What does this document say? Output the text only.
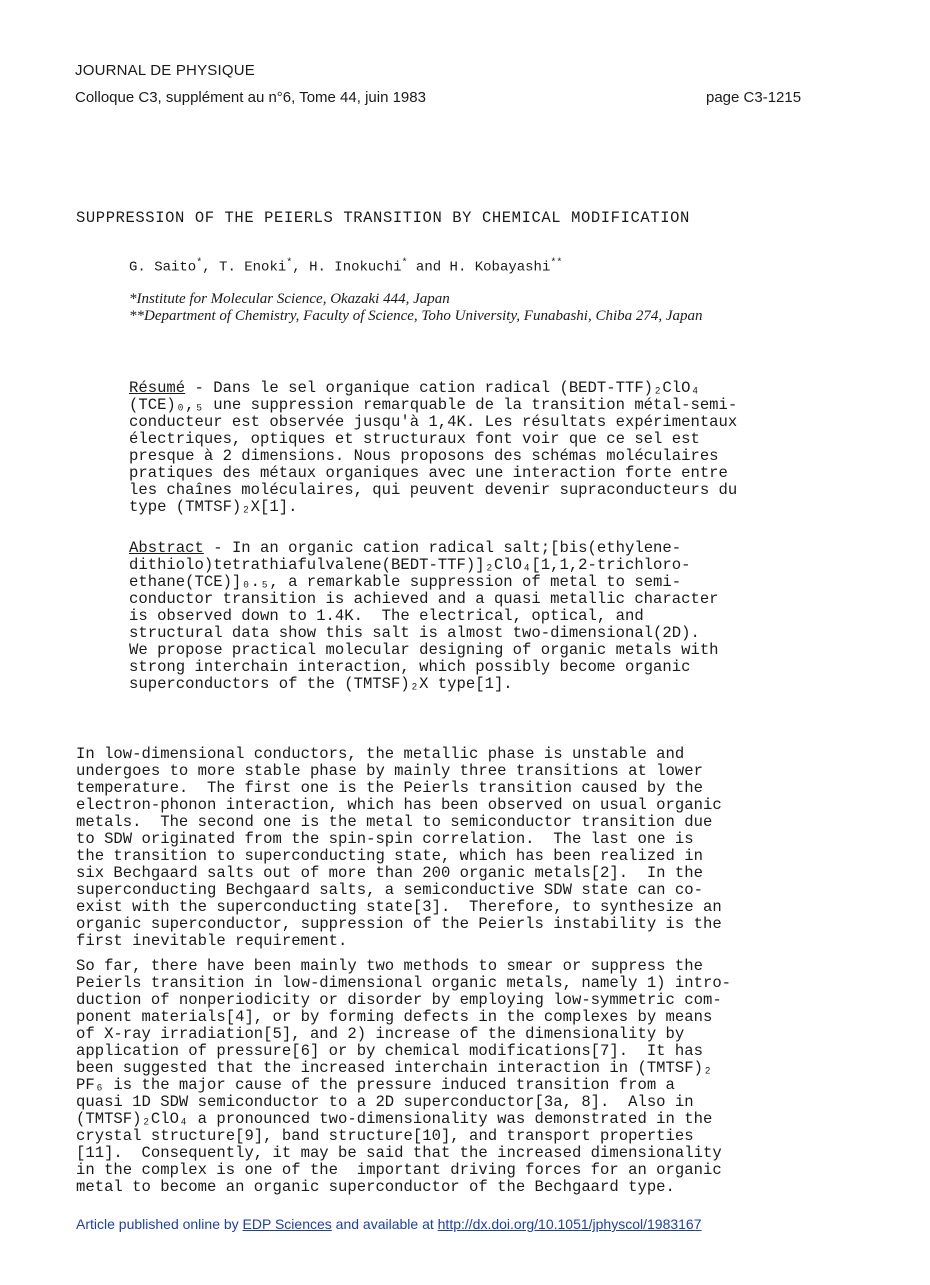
JOURNAL DE PHYSIQUE
Colloque C3, supplément au n°6, Tome 44, juin 1983	page C3-1215
SUPPRESSION OF THE PEIERLS TRANSITION BY CHEMICAL MODIFICATION
G. Saito*, T. Enoki*, H. Inokuchi* and H. Kobayashi**
*Institute for Molecular Science, Okazaki 444, Japan
**Department of Chemistry, Faculty of Science, Toho University, Funabashi, Chiba 274, Japan
Résumé - Dans le sel organique cation radical (BEDT-TTF)₂ClO₄
(TCE)₀,₅ une suppression remarquable de la transition métal-semi-
conducteur est observée jusqu'à 1,4K. Les résultats expérimentaux
électriques, optiques et structuraux font voir que ce sel est
presque à 2 dimensions. Nous proposons des schémas moléculaires
pratiques des métaux organiques avec une interaction forte entre
les chaînes moléculaires, qui peuvent devenir supraconducteurs du
type (TMTSF)₂X[1].
Abstract - In an organic cation radical salt;[bis(ethylene-
dithiolo)tetrathiafulvalene(BEDT-TTF)]₂ClO₄[1,1,2-trichloro-
ethane(TCE)]₀.₅, a remarkable suppression of metal to semi-
conductor transition is achieved and a quasi metallic character
is observed down to 1.4K.  The electrical, optical, and
structural data show this salt is almost two-dimensional(2D).
We propose practical molecular designing of organic metals with
strong interchain interaction, which possibly become organic
superconductors of the (TMTSF)₂X type[1].
In low-dimensional conductors, the metallic phase is unstable and
undergoes to more stable phase by mainly three transitions at lower
temperature.  The first one is the Peierls transition caused by the
electron-phonon interaction, which has been observed on usual organic
metals.  The second one is the metal to semiconductor transition due
to SDW originated from the spin-spin correlation.  The last one is
the transition to superconducting state, which has been realized in
six Bechgaard salts out of more than 200 organic metals[2].  In the
superconducting Bechgaard salts, a semiconductive SDW state can co-
exist with the superconducting state[3].  Therefore, to synthesize an
organic superconductor, suppression of the Peierls instability is the
first inevitable requirement.
So far, there have been mainly two methods to smear or suppress the
Peierls transition in low-dimensional organic metals, namely 1) intro-
duction of nonperiodicity or disorder by employing low-symmetric com-
ponent materials[4], or by forming defects in the complexes by means
of X-ray irradiation[5], and 2) increase of the dimensionality by
application of pressure[6] or by chemical modifications[7].  It has
been suggested that the increased interchain interaction in (TMTSF)₂
PF₆ is the major cause of the pressure induced transition from a
quasi 1D SDW semiconductor to a 2D superconductor[3a, 8].  Also in
(TMTSF)₂ClO₄ a pronounced two-dimensionality was demonstrated in the
crystal structure[9], band structure[10], and transport properties
[11].  Consequently, it may be said that the increased dimensionality
in the complex is one of the  important driving forces for an organic
metal to become an organic superconductor of the Bechgaard type.
Article published online by EDP Sciences and available at http://dx.doi.org/10.1051/jphyscol/1983167
